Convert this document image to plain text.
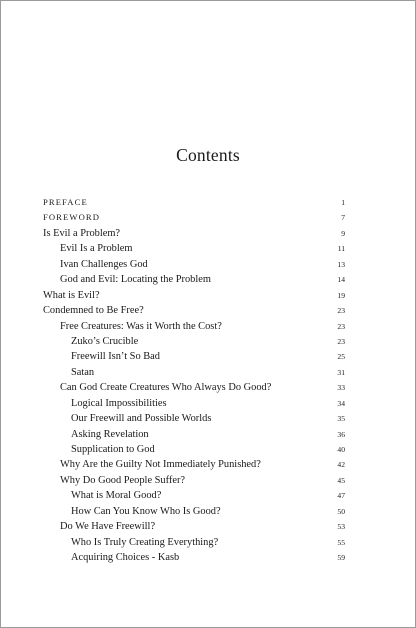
Contents
PREFACE	1
FOREWORD	7
Is Evil a Problem?	9
Evil Is a Problem	11
Ivan Challenges God	13
God and Evil: Locating the Problem	14
What is Evil?	19
Condemned to Be Free?	23
Free Creatures: Was it Worth the Cost?	23
Zuko’s Crucible	23
Freewill Isn’t So Bad	25
Satan	31
Can God Create Creatures Who Always Do Good?	33
Logical Impossibilities	34
Our Freewill and Possible Worlds	35
Asking Revelation	36
Supplication to God	40
Why Are the Guilty Not Immediately Punished?	42
Why Do Good People Suffer?	45
What is Moral Good?	47
How Can You Know Who Is Good?	50
Do We Have Freewill?	53
Who Is Truly Creating Everything?	55
Acquiring Choices - Kasb	59
